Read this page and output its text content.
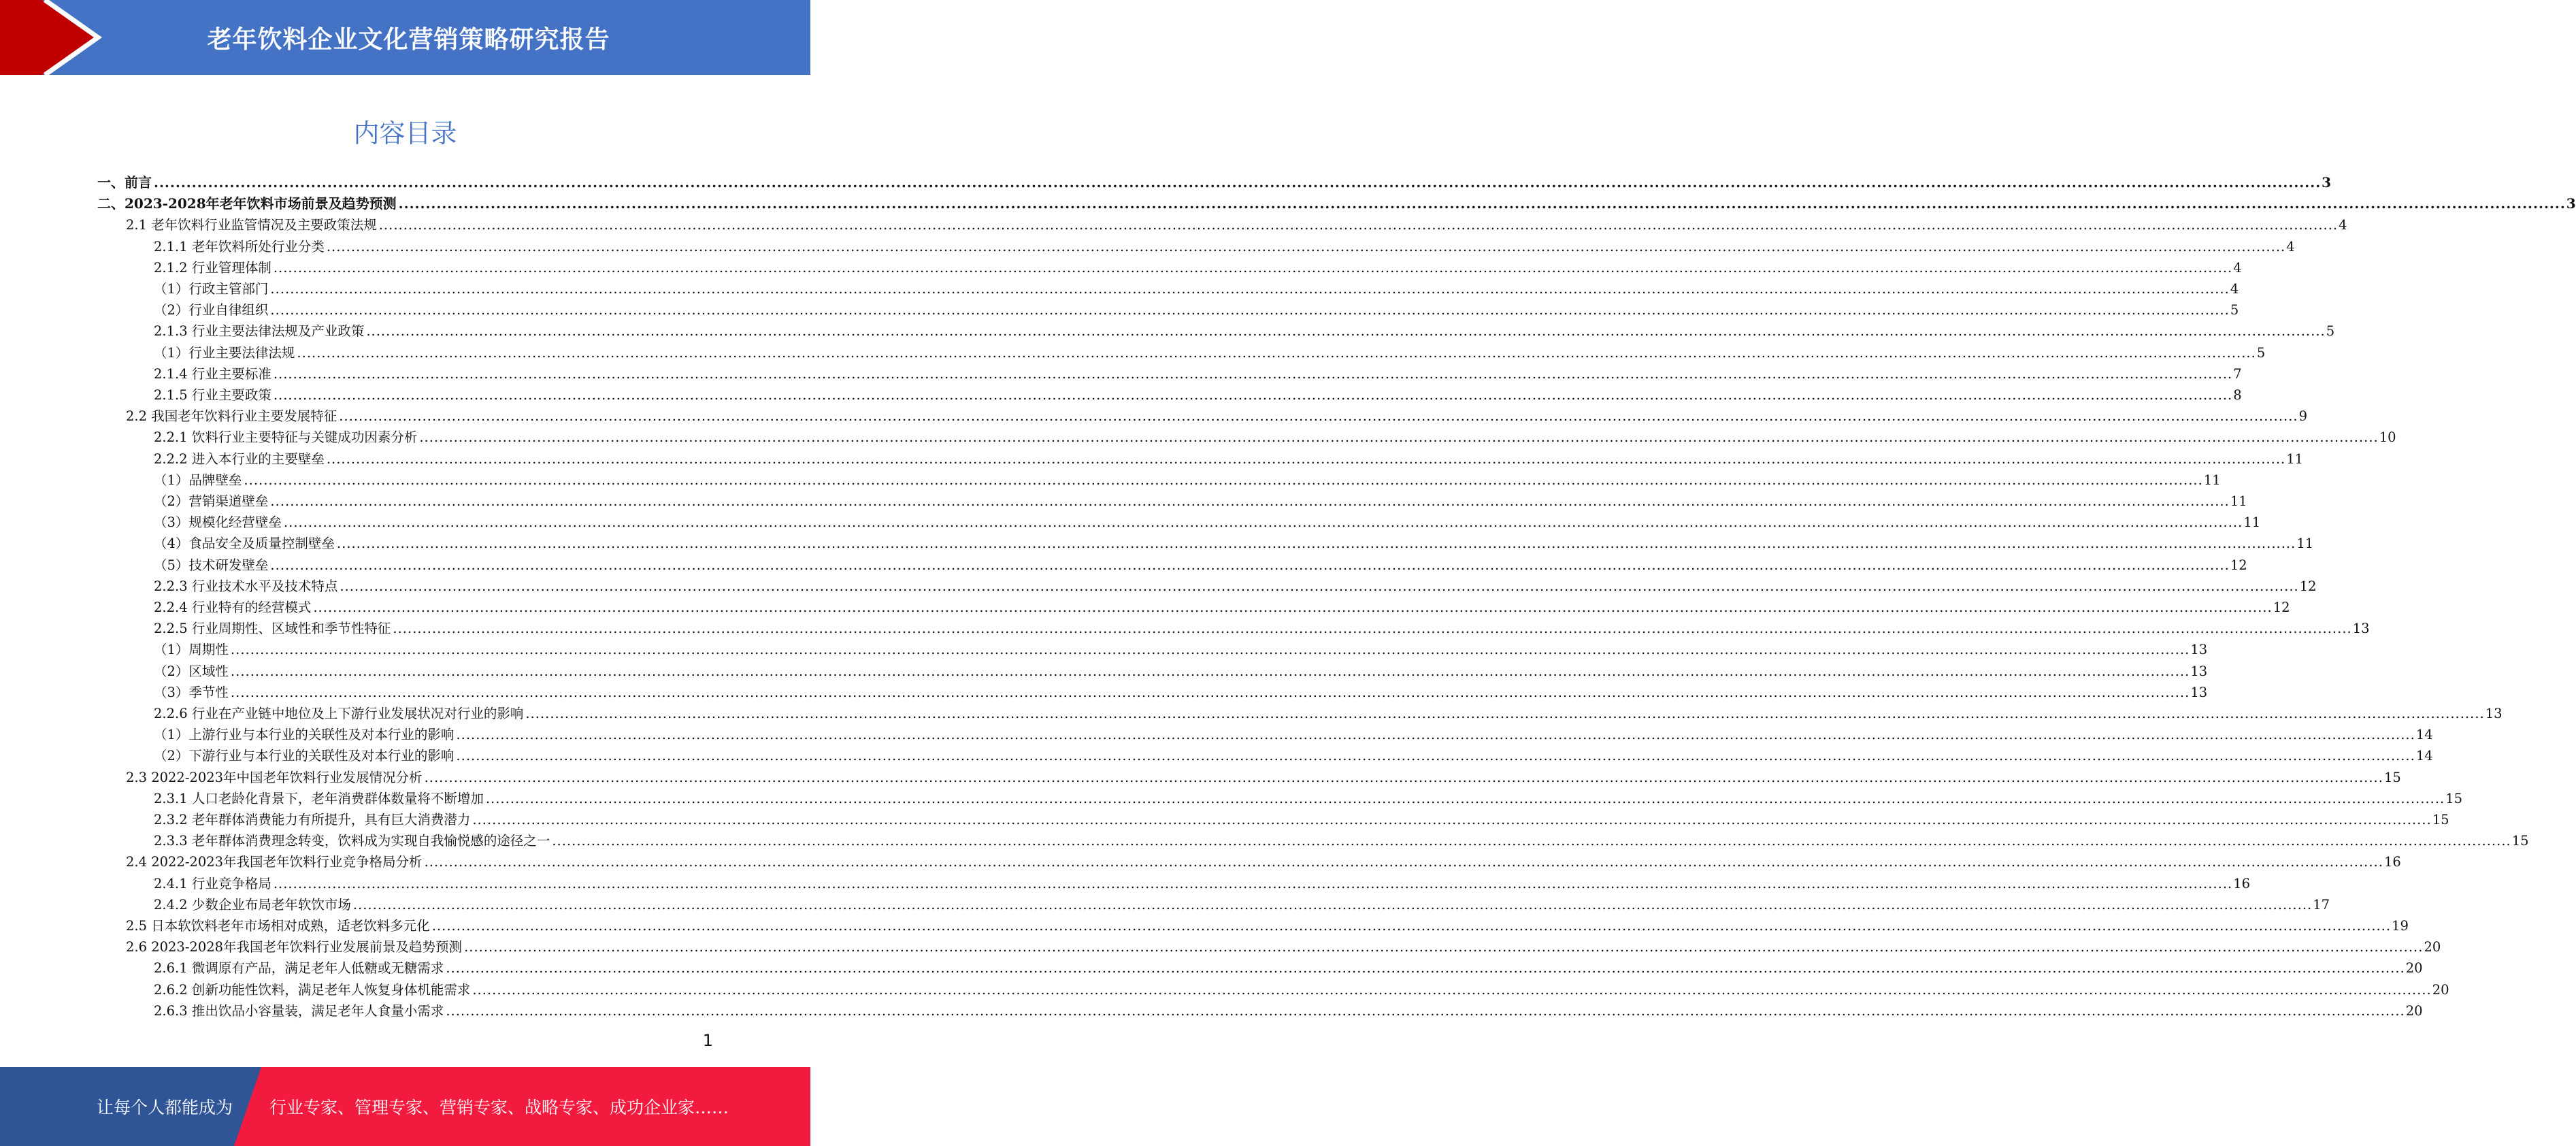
老年饮料企业文化营销策略研究报告
内容目录
一、前言 ................................................................................................................................................................................................................................................................................................................................................................................................................ 3
二、2023-2028年老年饮料市场前景及趋势预测 ................................................................................................................................................................................................................................................................................................................................................................................................................ 3
2.1 老年饮料行业监管情况及主要政策法规 ................................................................................................................................................................................................................................................................................................................................................................................................................ 4
2.1.1 老年饮料所处行业分类 ................................................................................................................................................................................................................................................................................................................................................................................................................ 4
2.1.2 行业管理体制 ................................................................................................................................................................................................................................................................................................................................................................................................................ 4
（1）行政主管部门 ................................................................................................................................................................................................................................................................................................................................................................................................................ 4
（2）行业自律组织 ................................................................................................................................................................................................................................................................................................................................................................................................................ 5
2.1.3 行业主要法律法规及产业政策 ................................................................................................................................................................................................................................................................................................................................................................................................................ 5
（1）行业主要法律法规 ................................................................................................................................................................................................................................................................................................................................................................................................................ 5
2.1.4 行业主要标准 ................................................................................................................................................................................................................................................................................................................................................................................................................ 7
2.1.5 行业主要政策 ................................................................................................................................................................................................................................................................................................................................................................................................................ 8
2.2 我国老年饮料行业主要发展特征 ................................................................................................................................................................................................................................................................................................................................................................................................................ 9
2.2.1 饮料行业主要特征与关键成功因素分析 ................................................................................................................................................................................................................................................................................................................................................................................................................ 10
2.2.2 进入本行业的主要壁垒 ................................................................................................................................................................................................................................................................................................................................................................................................................ 11
（1）品牌壁垒 ................................................................................................................................................................................................................................................................................................................................................................................................................ 11
（2）营销渠道壁垒 ................................................................................................................................................................................................................................................................................................................................................................................................................ 11
（3）规模化经营壁垒 ................................................................................................................................................................................................................................................................................................................................................................................................................ 11
（4）食品安全及质量控制壁垒 ................................................................................................................................................................................................................................................................................................................................................................................................................ 11
（5）技术研发壁垒 ................................................................................................................................................................................................................................................................................................................................................................................................................ 12
2.2.3 行业技术水平及技术特点 ................................................................................................................................................................................................................................................................................................................................................................................................................ 12
2.2.4 行业特有的经营模式 ................................................................................................................................................................................................................................................................................................................................................................................................................ 12
2.2.5 行业周期性、区域性和季节性特征 ................................................................................................................................................................................................................................................................................................................................................................................................................ 13
（1）周期性 ................................................................................................................................................................................................................................................................................................................................................................................................................ 13
（2）区域性 ................................................................................................................................................................................................................................................................................................................................................................................................................ 13
（3）季节性 ................................................................................................................................................................................................................................................................................................................................................................................................................ 13
2.2.6 行业在产业链中地位及上下游行业发展状况对行业的影响 ................................................................................................................................................................................................................................................................................................................................................................................................................ 13
（1）上游行业与本行业的关联性及对本行业的影响 ................................................................................................................................................................................................................................................................................................................................................................................................................ 14
（2）下游行业与本行业的关联性及对本行业的影响 ................................................................................................................................................................................................................................................................................................................................................................................................................ 14
2.3 2022-2023年中国老年饮料行业发展情况分析 ................................................................................................................................................................................................................................................................................................................................................................................................................ 15
2.3.1 人口老龄化背景下，老年消费群体数量将不断增加 ................................................................................................................................................................................................................................................................................................................................................................................................................ 15
2.3.2 老年群体消费能力有所提升，具有巨大消费潜力 ................................................................................................................................................................................................................................................................................................................................................................................................................ 15
2.3.3 老年群体消费理念转变，饮料成为实现自我愉悦感的途径之一 ................................................................................................................................................................................................................................................................................................................................................................................................................ 15
2.4 2022-2023年我国老年饮料行业竞争格局分析 ................................................................................................................................................................................................................................................................................................................................................................................................................ 16
2.4.1 行业竞争格局 ................................................................................................................................................................................................................................................................................................................................................................................................................ 16
2.4.2 少数企业布局老年软饮市场 ................................................................................................................................................................................................................................................................................................................................................................................................................ 17
2.5 日本软饮料老年市场相对成熟，适老饮料多元化 ................................................................................................................................................................................................................................................................................................................................................................................................................ 19
2.6 2023-2028年我国老年饮料行业发展前景及趋势预测 ................................................................................................................................................................................................................................................................................................................................................................................................................ 20
2.6.1 微调原有产品，满足老年人低糖或无糖需求 ................................................................................................................................................................................................................................................................................................................................................................................................................ 20
2.6.2 创新功能性饮料，满足老年人恢复身体机能需求 ................................................................................................................................................................................................................................................................................................................................................................................................................ 20
2.6.3 推出饮品小容量装，满足老年人食量小需求 ................................................................................................................................................................................................................................................................................................................................................................................................................ 20
1
让每个人都能成为 行业专家、管理专家、营销专家、战略专家、成功企业家……
